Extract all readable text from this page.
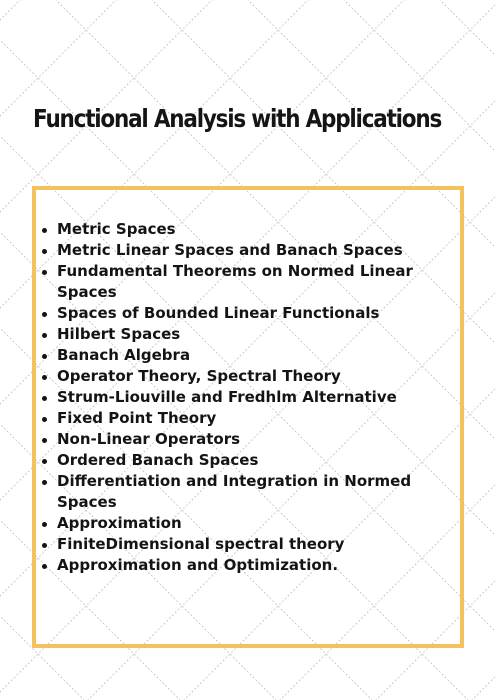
Functional Analysis with Applications
Metric Spaces
Metric Linear Spaces and Banach Spaces
Fundamental Theorems on Normed Linear Spaces
Spaces of Bounded Linear Functionals
Hilbert Spaces
Banach Algebra
Operator Theory, Spectral Theory
Strum-Liouville and Fredhlm Alternative
Fixed Point Theory
Non-Linear Operators
Ordered Banach Spaces
Differentiation and Integration in Normed Spaces
Approximation
FiniteDimensional spectral theory
Approximation and Optimization.
